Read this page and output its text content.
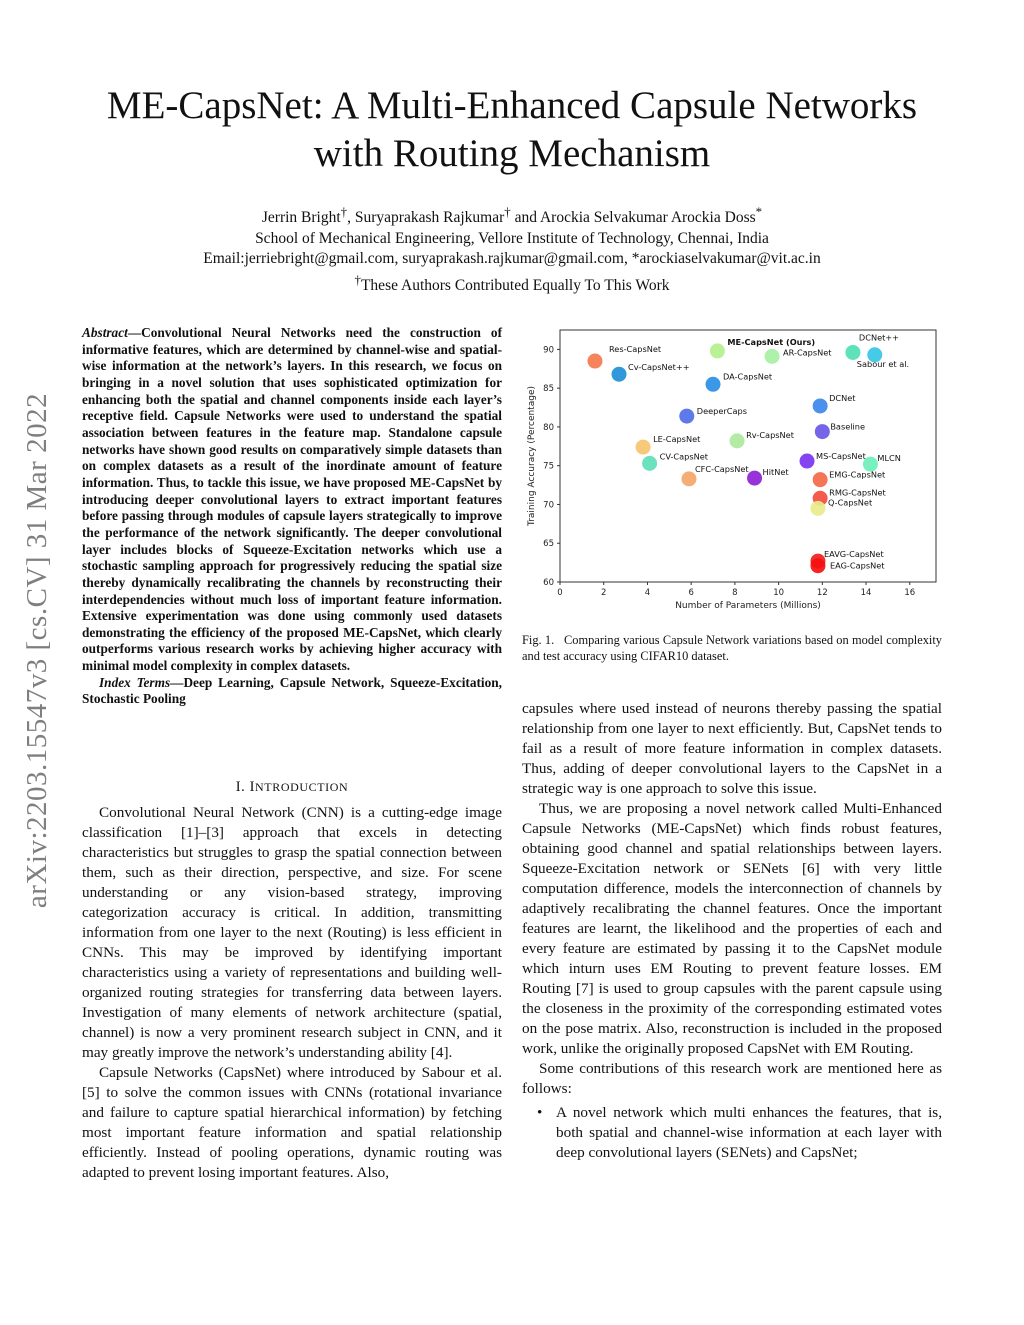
arXiv:2203.15547v3 [cs.CV] 31 Mar 2022
ME-CapsNet: A Multi-Enhanced Capsule Networks
with Routing Mechanism
Jerrin Bright†, Suryaprakash Rajkumar† and Arockia Selvakumar Arockia Doss*
School of Mechanical Engineering, Vellore Institute of Technology, Chennai, India
Email:jerriebright@gmail.com, suryaprakash.rajkumar@gmail.com, *arockiaselvakumar@vit.ac.in
†These Authors Contributed Equally To This Work

Abstract—Convolutional Neural Networks need the construction of informative features, which are determined by channel-wise and spatial-wise information at the network’s layers. In this research, we focus on bringing in a novel solution that uses sophisticated optimization for enhancing both the spatial and channel components inside each layer’s receptive field. Capsule Networks were used to understand the spatial association between features in the feature map. Standalone capsule networks have shown good results on comparatively simple datasets than on complex datasets as a result of the inordinate amount of feature information. Thus, to tackle this issue, we have proposed ME-CapsNet by introducing deeper convolutional layers to extract important features before passing through modules of capsule layers strategically to improve the performance of the network significantly. The deeper convolutional layer includes blocks of Squeeze-Excitation networks which use a stochastic sampling approach for progressively reducing the spatial size thereby dynamically recalibrating the channels by reconstructing their interdependencies without much loss of important feature information. Extensive experimentation was done using commonly used datasets demonstrating the efficiency of the proposed ME-CapsNet, which clearly outperforms various research works by achieving higher accuracy with minimal model complexity in complex datasets.
Index Terms—Deep Learning, Capsule Network, Squeeze-Excitation, Stochastic Pooling

I. INTRODUCTION

Convolutional Neural Network (CNN) is a cutting-edge image classification [1]–[3] approach that excels in detecting characteristics but struggles to grasp the spatial connection between them, such as their direction, perspective, and size. For scene understanding or any vision-based strategy, improving categorization accuracy is critical. In addition, transmitting information from one layer to the next (Routing) is less efficient in CNNs. This may be improved by identifying important characteristics using a variety of representations and building well-organized routing strategies for transferring data between layers. Investigation of many elements of network architecture (spatial, channel) is now a very prominent research subject in CNN, and it may greatly improve the network’s understanding ability [4].

Capsule Networks (CapsNet) where introduced by Sabour et al. [5] to solve the common issues with CNNs (rotational invariance and failure to capture spatial hierarchical information) by fetching most important feature information and spatial relationship efficiently. Instead of pooling operations, dynamic routing was adapted to prevent losing important features. Also,

0	2	4	6	8	10	12	14	16
60
65
70
75
80
85
90
Number of Parameters (Millions)
Training Accuracy (Percentage)
Res-CapsNet
Cv-CapsNet++
ME-CapsNet (Ours)
AR-CapsNet
DCNet++
Sabour et al.
DA-CapsNet
DeeperCaps
DCNet
Baseline
LE-CapsNet	Rv-CapsNet
CV-CapsNet	MS-CapsNet MLCN
CFC-CapsNet HitNet	EMG-CapsNet
RMG-CapsNet
Q-CapsNet
EAVG-CapsNet
EAG-CapsNet

Fig. 1. Comparing various Capsule Network variations based on model complexity and test accuracy using CIFAR10 dataset.

capsules where used instead of neurons thereby passing the spatial relationship from one layer to next efficiently. But, CapsNet tends to fail as a result of more feature information in complex datasets. Thus, adding of deeper convolutional layers to the CapsNet in a strategic way is one approach to solve this issue.

Thus, we are proposing a novel network called Multi-Enhanced Capsule Networks (ME-CapsNet) which finds robust features, obtaining good channel and spatial relationships between layers. Squeeze-Excitation network or SENets [6] with very little computation difference, models the interconnection of channels by adaptively recalibrating the channel features. Once the important features are learnt, the likelihood and the properties of each and every feature are estimated by passing it to the CapsNet module which inturn uses EM Routing to prevent feature losses. EM Routing [7] is used to group capsules with the parent capsule using the closeness in the proximity of the corresponding estimated votes on the pose matrix. Also, reconstruction is included in the proposed work, unlike the originally proposed CapsNet with EM Routing.

Some contributions of this research work are mentioned here as follows:

• A novel network which multi enhances the features, that is, both spatial and channel-wise information at each layer with deep convolutional layers (SENets) and CapsNet;
